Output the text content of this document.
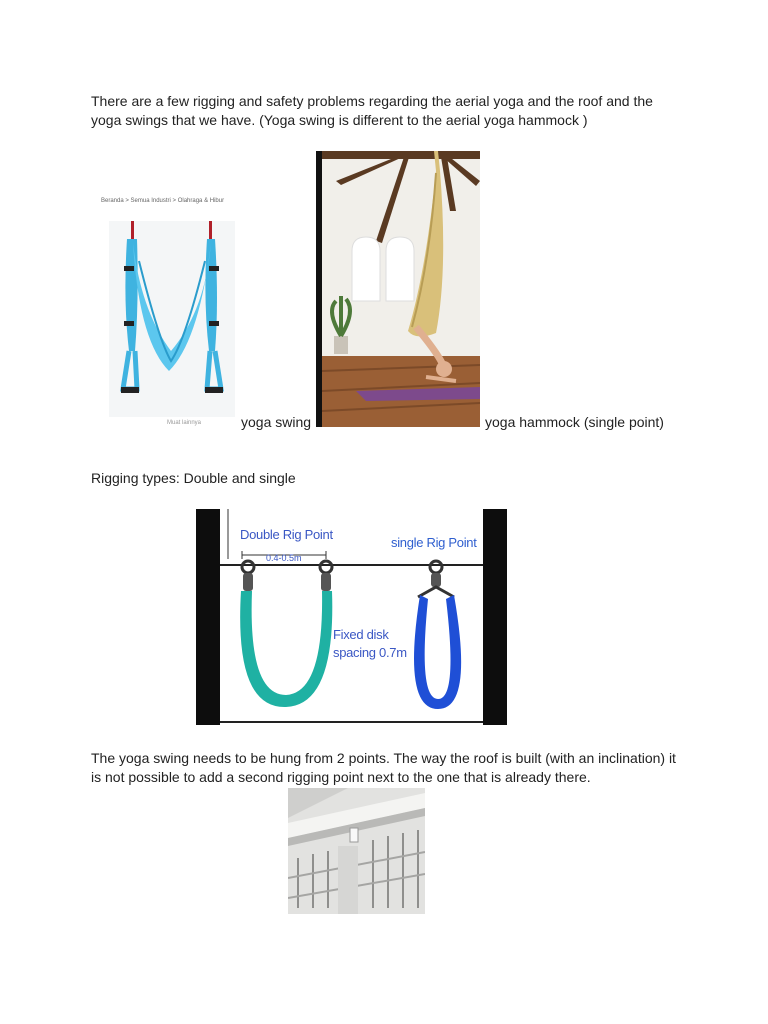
There are a few rigging and safety problems regarding the aerial yoga and the roof and the yoga swings that we have. (Yoga swing is different to the aerial yoga hammock )

Beranda > Semua Industri > Olahraga & Hibur
Muat lainnya	yoga swing	yoga hammock (single point)

Rigging types: Double and single

Double Rig Point
0.4-0.5m
single Rig Point
Fixed disk
spacing 0.7m

The yoga swing needs to be hung from 2 points. The way the roof is built (with an inclination) it is not possible to add a second rigging point next to the one that is already there.
